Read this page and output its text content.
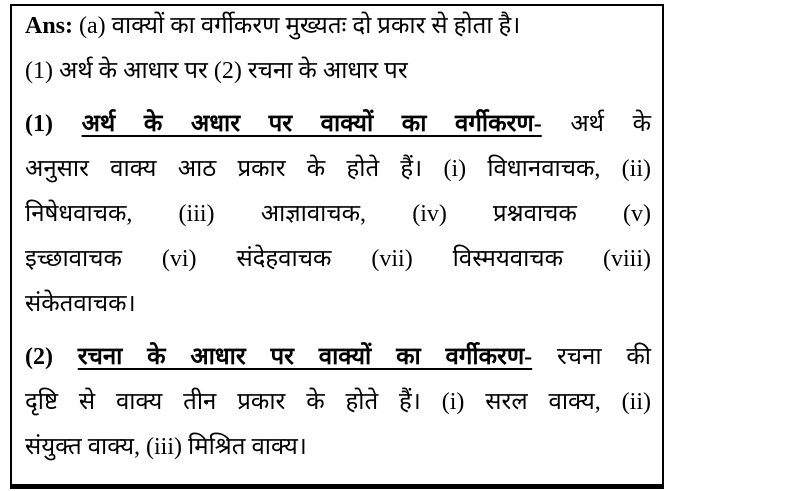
Ans: (a) वाक्यों का वर्गीकरण मुख्यतः दो प्रकार से होता है।
(1) अर्थ के आधार पर (2) रचना के आधार पर
(1) अर्थ के अधार पर वाक्यों का वर्गीकरण- अर्थ के
अनुसार वाक्य आठ प्रकार के होते हैं। (i) विधानवाचक, (ii)
निषेधवाचक, (iii) आज्ञावाचक, (iv) प्रश्नवाचक (v)
इच्छावाचक (vi) संदेहवाचक (vii) विस्मयवाचक (viii)
संकेतवाचक।
(2) रचना के आधार पर वाक्यों का वर्गीकरण- रचना की
दृष्टि से वाक्य तीन प्रकार के होते हैं। (i) सरल वाक्य, (ii)
संयुक्त वाक्य, (iii) मिश्रित वाक्य।
